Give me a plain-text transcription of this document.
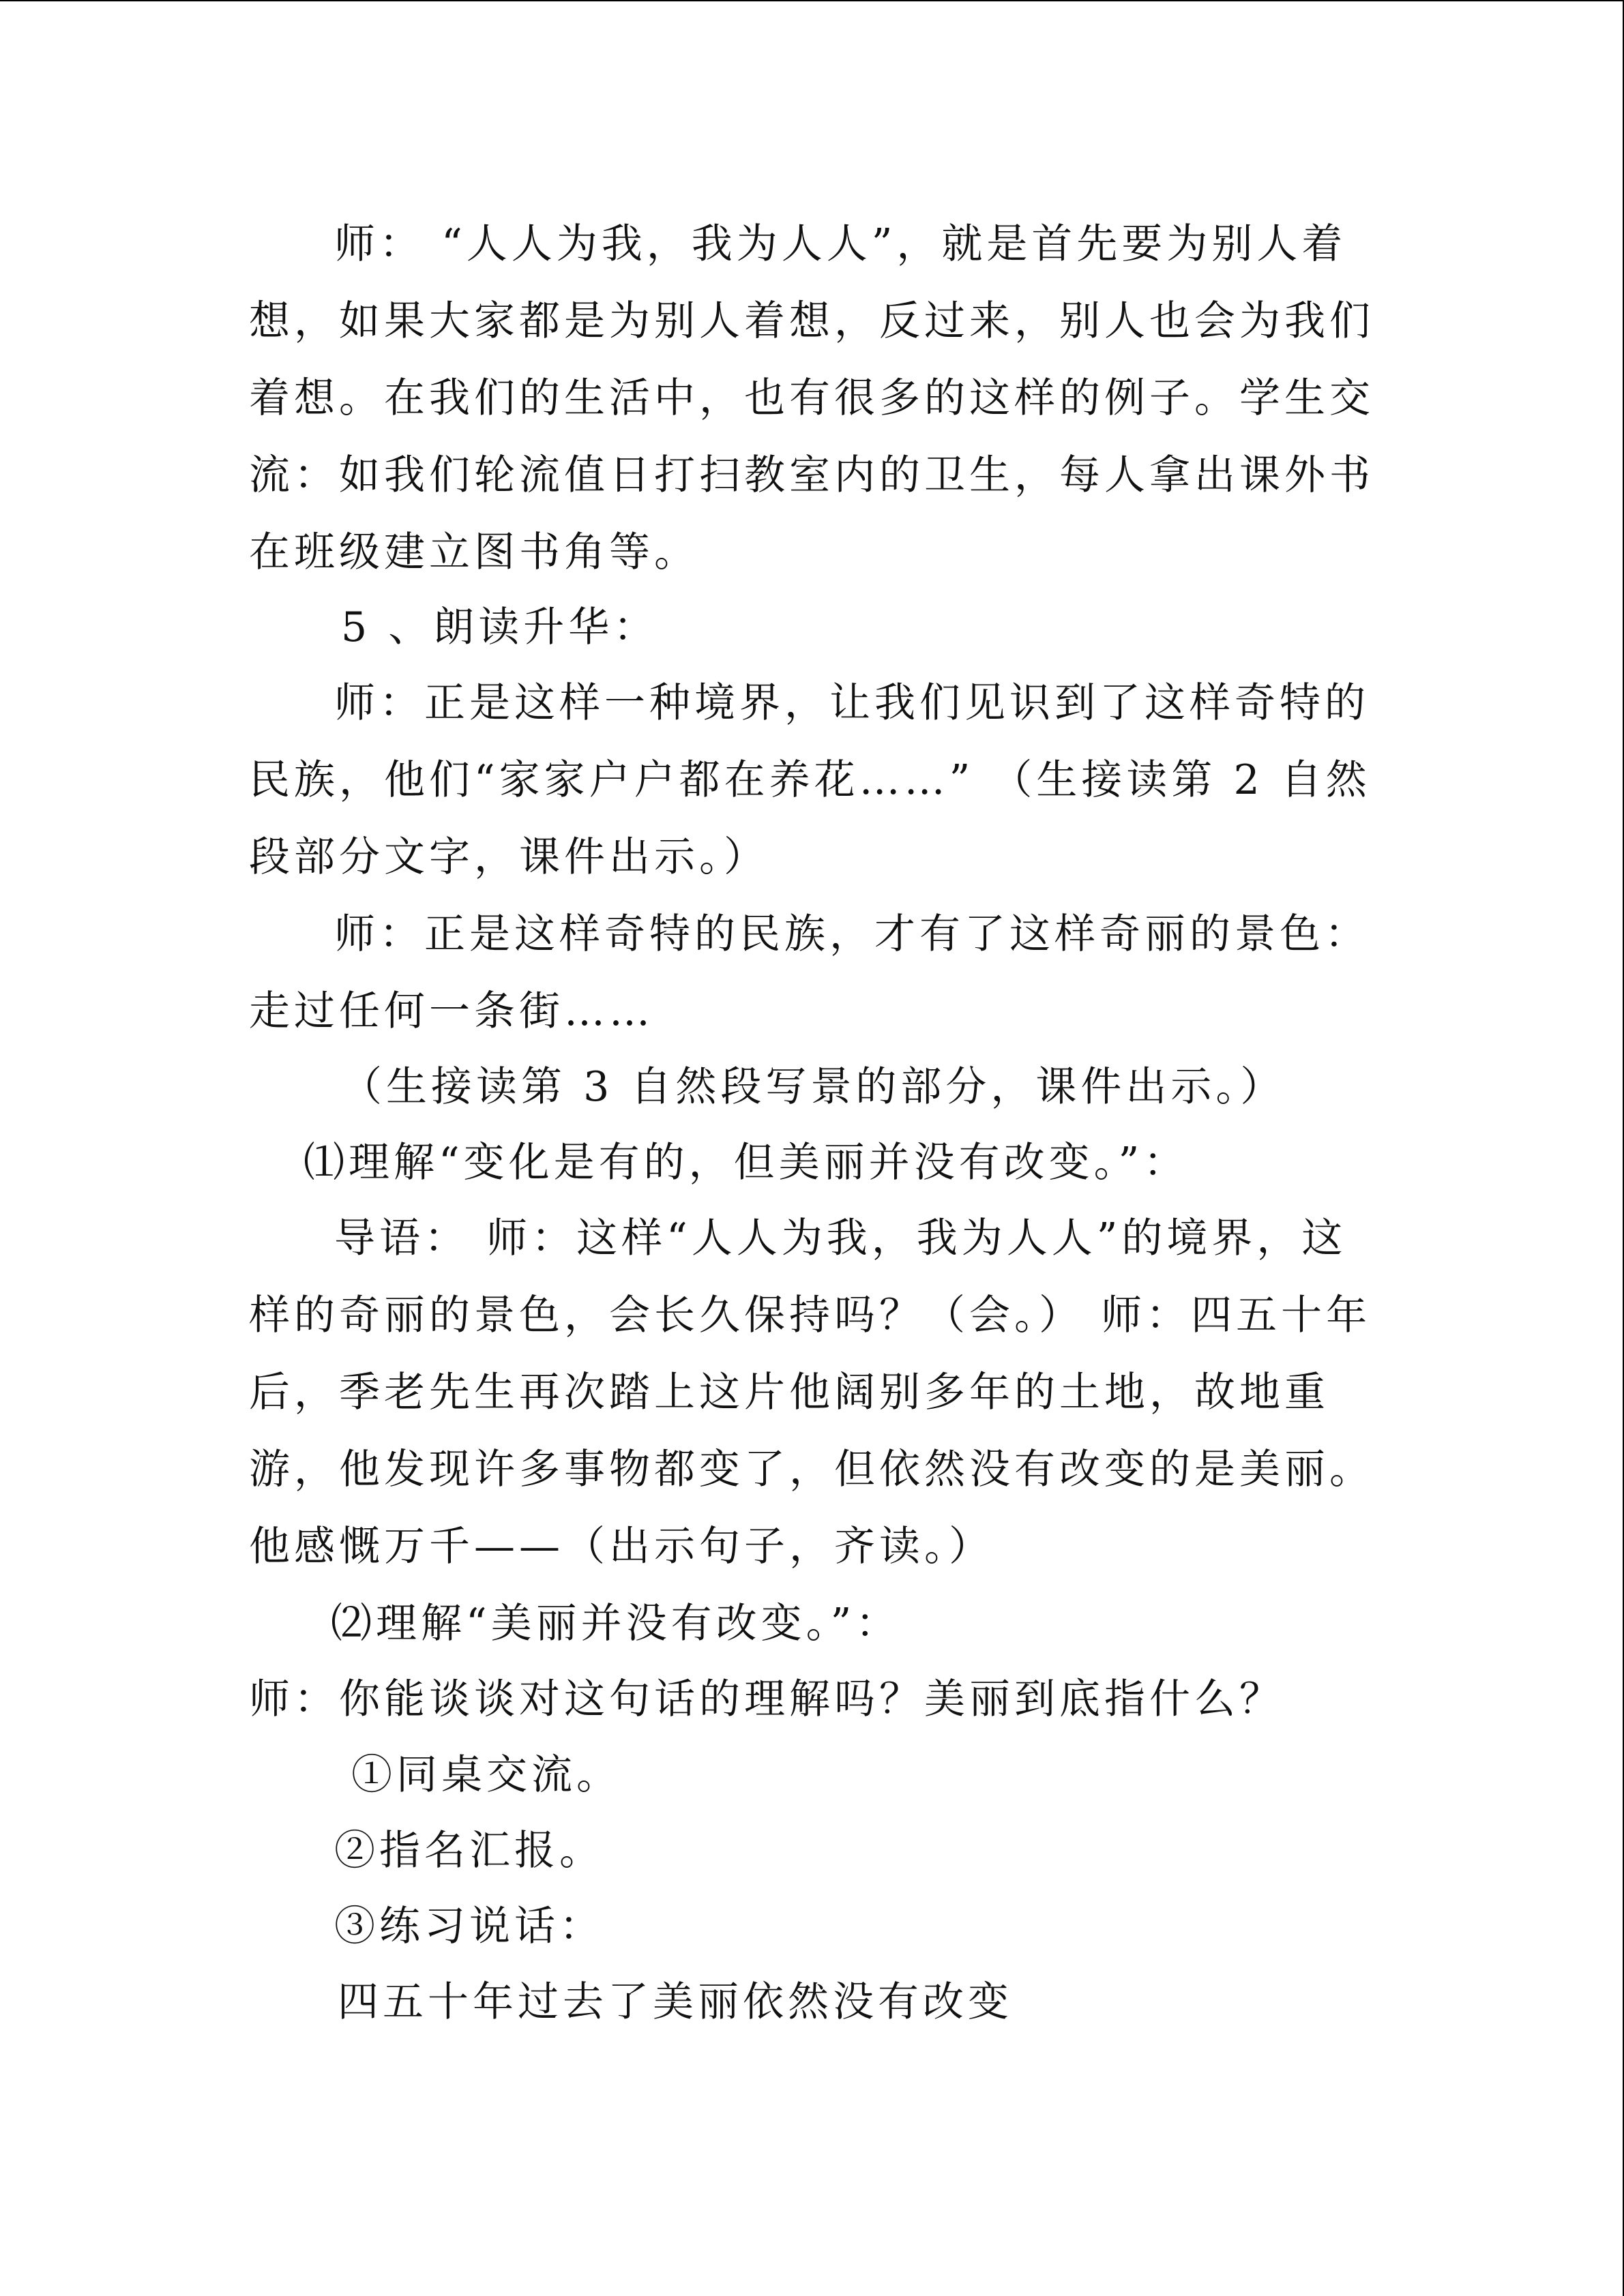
师： “人人为我，我为人人”，就是首先要为别人着
想，如果大家都是为别人着想，反过来，别人也会为我们
着想。在我们的生活中，也有很多的这样的例子。学生交
流：如我们轮流值日打扫教室内的卫生，每人拿出课外书
在班级建立图书角等。
5 、朗读升华：
师：正是这样一种境界，让我们见识到了这样奇特的
民族，他们“家家户户都在养花……” （生接读第 2 自然
段部分文字，课件出示。）
师：正是这样奇特的民族，才有了这样奇丽的景色：
走过任何一条街……
（生接读第 3 自然段写景的部分，课件出示。）
⑴理解“变化是有的，但美丽并没有改变。”：
导语： 师：这样“人人为我，我为人人”的境界，这
样的奇丽的景色，会长久保持吗？（会。） 师：四五十年
后，季老先生再次踏上这片他阔别多年的土地，故地重
游，他发现许多事物都变了，但依然没有改变的是美丽。
他感慨万千——（出示句子，齐读。）
⑵理解“美丽并没有改变。”：
师：你能谈谈对这句话的理解吗？美丽到底指什么？
①同桌交流。
②指名汇报。
③练习说话：
四五十年过去了美丽依然没有改变
